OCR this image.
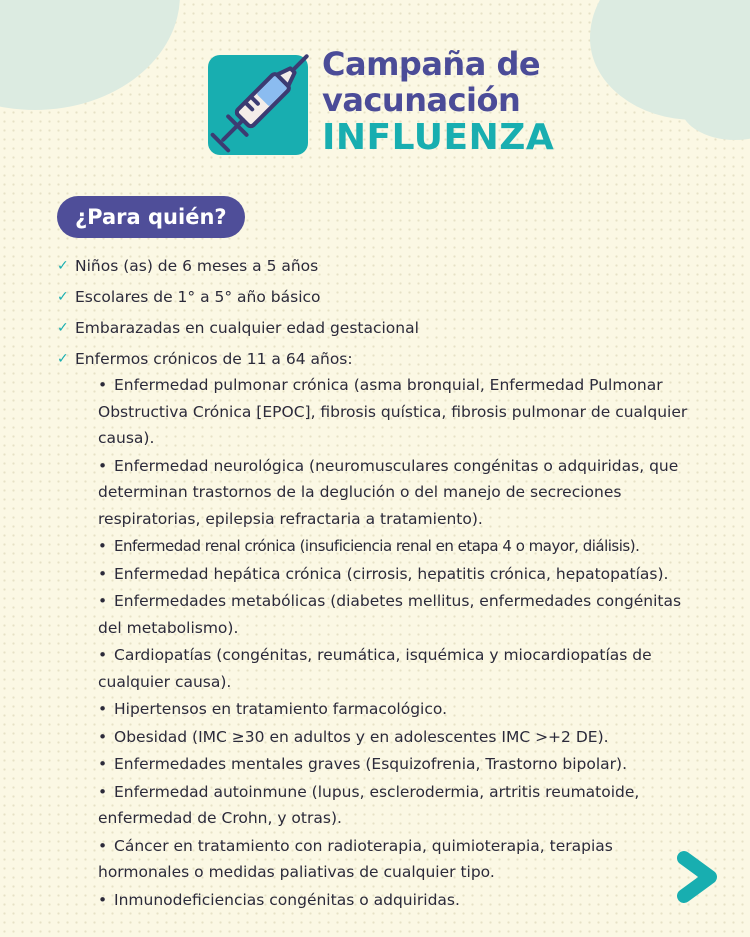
Campaña de
vacunación
INFLUENZA
¿Para quién?
✓ Niños (as) de 6 meses a 5 años
✓ Escolares de 1° a 5° año básico
✓ Embarazadas en cualquier edad gestacional
✓ Enfermos crónicos de 11 a 64 años:
• Enfermedad pulmonar crónica (asma bronquial, Enfermedad Pulmonar Obstructiva Crónica [EPOC], fibrosis quística, fibrosis pulmonar de cualquier causa).
• Enfermedad neurológica (neuromusculares congénitas o adquiridas, que determinan trastornos de la deglución o del manejo de secreciones respiratorias, epilepsia refractaria a tratamiento).
• Enfermedad renal crónica (insuficiencia renal en etapa 4 o mayor, diálisis).
• Enfermedad hepática crónica (cirrosis, hepatitis crónica, hepatopatías).
• Enfermedades metabólicas (diabetes mellitus, enfermedades congénitas del metabolismo).
• Cardiopatías (congénitas, reumática, isquémica y miocardiopatías de cualquier causa).
• Hipertensos en tratamiento farmacológico.
• Obesidad (IMC ≥30 en adultos y en adolescentes IMC >+2 DE).
• Enfermedades mentales graves (Esquizofrenia, Trastorno bipolar).
• Enfermedad autoinmune (lupus, esclerodermia, artritis reumatoide, enfermedad de Crohn, y otras).
• Cáncer en tratamiento con radioterapia, quimioterapia, terapias hormonales o medidas paliativas de cualquier tipo.
• Inmunodeficiencias congénitas o adquiridas.
